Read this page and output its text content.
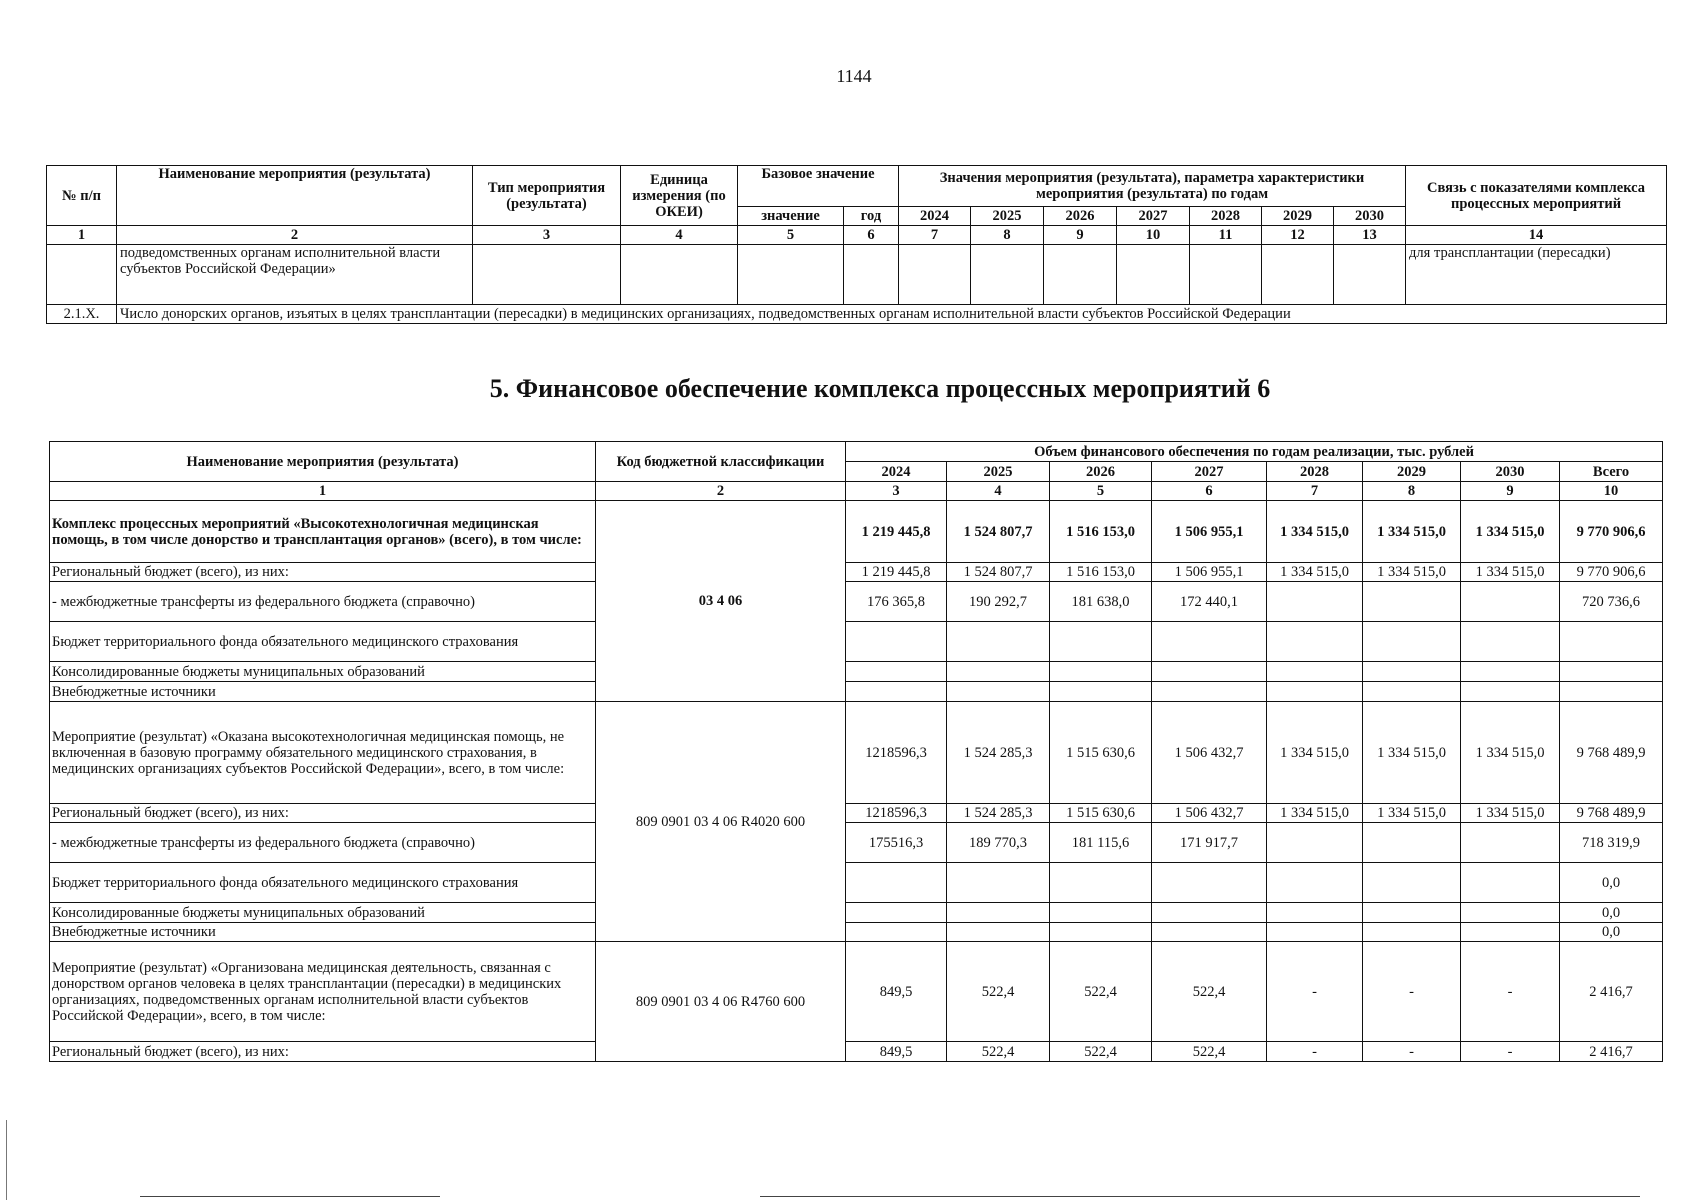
1144
№ п/п	Наименование мероприятия (результата)	Тип мероприятия (результата)	Единица измерения (по ОКЕИ)	Базовое значение		Значения мероприятия (результата), параметра характеристики мероприятия (результата) по годам							Связь с показателями комплекса процессных мероприятий
				значение	год	2024	2025	2026	2027	2028	2029	2030	
1	2	3	4	5	6	7	8	9	10	11	12	13	14
	подведомственных органам исполнительной власти субъектов Российской Федерации»												для трансплантации (пересадки)
2.1.Х.	Число донорских органов, изъятых в целях трансплантации (пересадки) в медицинских организациях, подведомственных органам исполнительной власти субъектов Российской Федерации												
5. Финансовое обеспечение комплекса процессных мероприятий 6
Наименование мероприятия (результата)	Код бюджетной классификации	Объем финансового обеспечения по годам реализации, тыс. рублей							
		2024	2025	2026	2027	2028	2029	2030	Всего
1	2	3	4	5	6	7	8	9	10
Комплекс процессных мероприятий «Высокотехнологичная медицинская помощь, в том числе донорство и трансплантация органов» (всего), в том числе:	03 4 06	1 219 445,8	1 524 807,7	1 516 153,0	1 506 955,1	1 334 515,0	1 334 515,0	1 334 515,0	9 770 906,6
Региональный бюджет (всего), из них:		1 219 445,8	1 524 807,7	1 516 153,0	1 506 955,1	1 334 515,0	1 334 515,0	1 334 515,0	9 770 906,6
- межбюджетные трансферты из федерального бюджета (справочно)		176 365,8	190 292,7	181 638,0	172 440,1				720 736,6
Бюджет территориального фонда обязательного медицинского страхования									
Консолидированные бюджеты муниципальных образований									
Внебюджетные источники									
Мероприятие (результат) «Оказана высокотехнологичная медицинская помощь, не включенная в базовую программу обязательного медицинского страхования, в медицинских организациях субъектов Российской Федерации», всего, в том числе:	809 0901 03 4 06 R4020 600	1218596,3	1 524 285,3	1 515 630,6	1 506 432,7	1 334 515,0	1 334 515,0	1 334 515,0	9 768 489,9
Региональный бюджет (всего), из них:		1218596,3	1 524 285,3	1 515 630,6	1 506 432,7	1 334 515,0	1 334 515,0	1 334 515,0	9 768 489,9
- межбюджетные трансферты из федерального бюджета (справочно)		175516,3	189 770,3	181 115,6	171 917,7				718 319,9
Бюджет территориального фонда обязательного медицинского страхования									0,0
Консолидированные бюджеты муниципальных образований									0,0
Внебюджетные источники									0,0
Мероприятие (результат) «Организована медицинская деятельность, связанная с донорством органов человека в целях трансплантации (пересадки) в медицинских организациях, подведомственных органам исполнительной власти субъектов Российской Федерации», всего, в том числе:	809 0901 03 4 06 R4760 600	849,5	522,4	522,4	522,4	-	-	-	2 416,7
Региональный бюджет (всего), из них:		849,5	522,4	522,4	522,4	-	-	-	2 416,7
